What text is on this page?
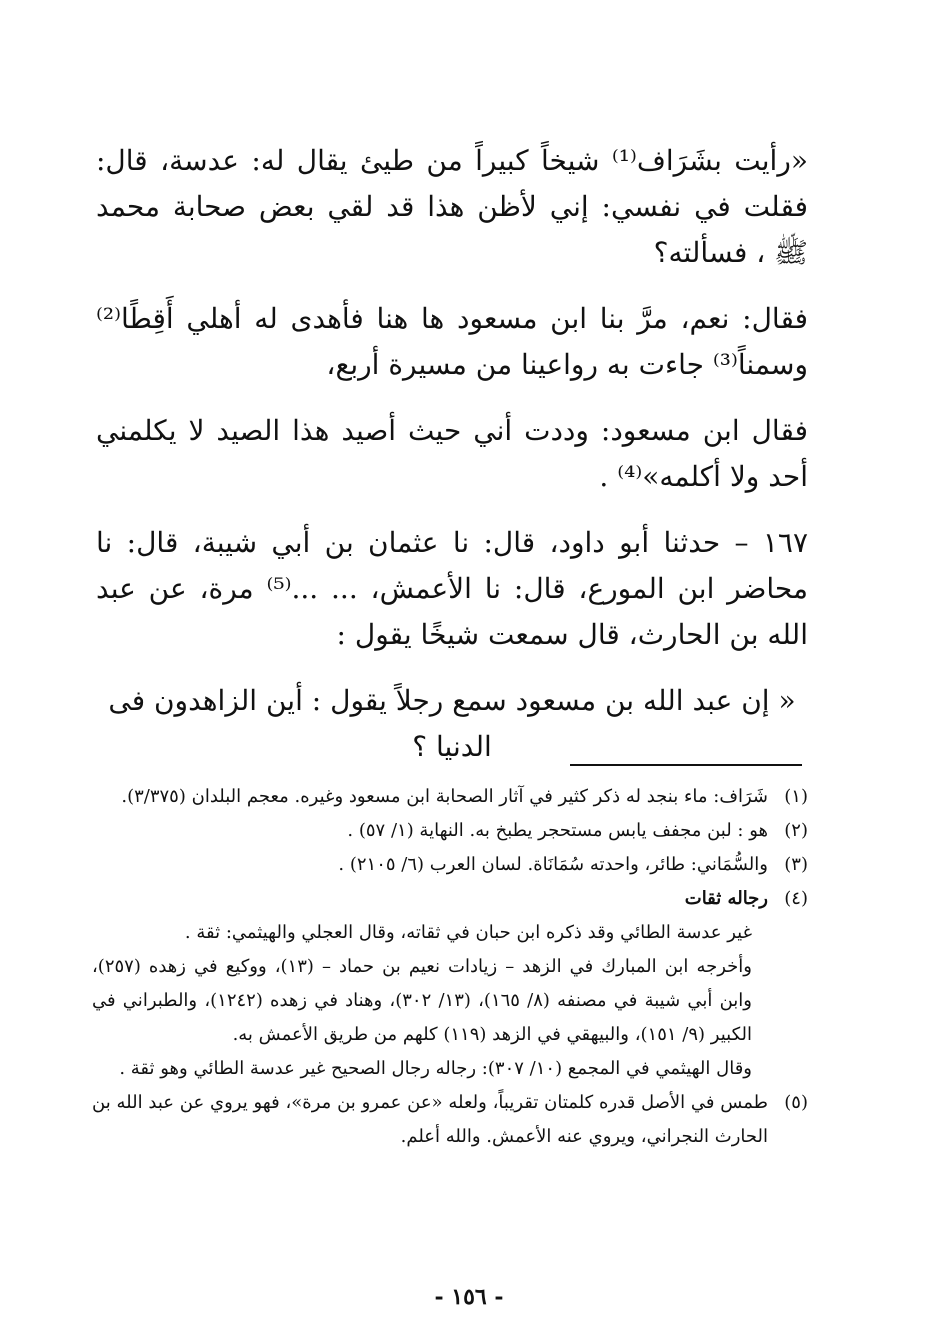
«رأيت بشَرَاف⁽¹⁾ شيخاً كبيراً من طيئ يقال له: عدسة، قال: فقلت في نفسي: إني لأظن هذا قد لقي بعض صحابة محمد ﷺ ، فسألته؟

فقال: نعم، مرَّ بنا ابن مسعود ها هنا فأهدى له أهلي أَقِطًا⁽²⁾ وسمناً⁽³⁾ جاءت به رواعينا من مسيرة أربع،

فقال ابن مسعود: وددت أني حيث أصيد هذا الصيد لا يكلمني أحد ولا أكلمه»⁽⁴⁾ .

١٦٧ – حدثنا أبو داود، قال: نا عثمان بن أبي شيبة، قال: نا محاضر ابن المورع، قال: نا الأعمش، ... ...⁽⁵⁾ مرة، عن عبد الله بن الحارث، قال سمعت شيخًا يقول :

« إن عبد الله بن مسعود سمع رجلاً يقول : أين الزاهدون فى الدنيا ؟

(١)
شَرَاف: ماء بنجد له ذكر كثير في آثار الصحابة ابن مسعود وغيره. معجم البلدان (٣/٣٧٥).
(٢)
هو : لبن مجفف يابس مستحجر يطبخ به. النهاية (١/ ٥٧) .
(٣)
والسُّمَاني: طائر، واحدته سُمَانَاة. لسان العرب (٦/ ٢١٠٥) .
(٤)
رجاله ثقات
غير عدسة الطائي وقد ذكره ابن حبان في ثقاته، وقال العجلي والهيثمي: ثقة .
وأخرجه ابن المبارك في الزهد – زيادات نعيم بن حماد – (١٣)، ووكيع في زهده (٢٥٧)، وابن أبي شيبة في مصنفه (٨/ ١٦٥)، (١٣/ ٣٠٢)، وهناد في زهده (١٢٤٢)، والطبراني في الكبير (٩/ ١٥١)، والبيهقي في الزهد (١١٩) كلهم من طريق الأعمش به.
وقال الهيثمي في المجمع (١٠/ ٣٠٧): رجاله رجال الصحيح غير عدسة الطائي وهو ثقة .
(٥)
طمس في الأصل قدره كلمتان تقريباً، ولعله «عن عمرو بن مرة»، فهو يروي عن عبد الله بن الحارث النجراني، ويروي عنه الأعمش. والله أعلم.
- ١٥٦ -
